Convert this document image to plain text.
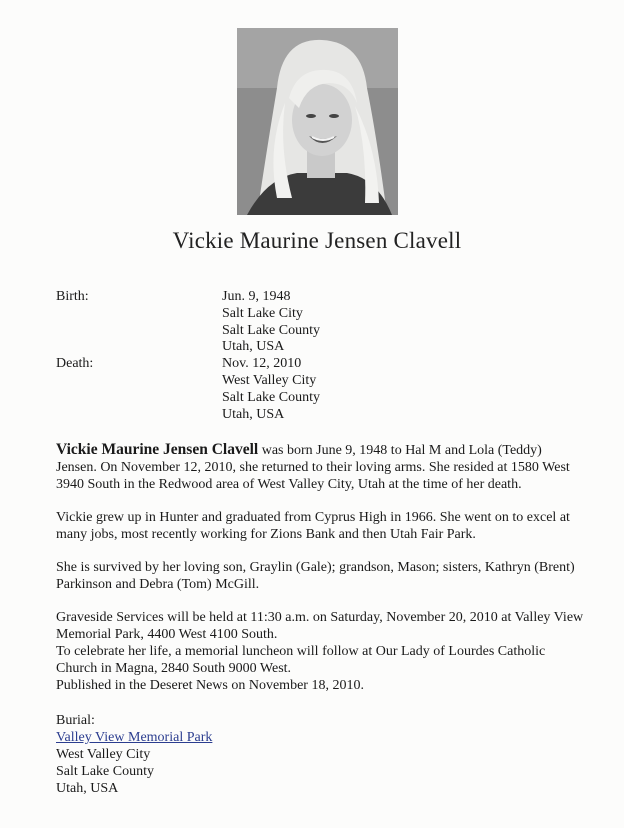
Vickie Maurine Jensen Clavell
Birth:	Jun. 9, 1948
Salt Lake City
Salt Lake County
Utah, USA
Death:	Nov. 12, 2010
West Valley City
Salt Lake County
Utah, USA

Vickie Maurine Jensen Clavell was born June 9, 1948 to Hal M and Lola (Teddy) Jensen. On November 12, 2010, she returned to their loving arms. She resided at 1580 West 3940 South in the Redwood area of West Valley City, Utah at the time of her death.

Vickie grew up in Hunter and graduated from Cyprus High in 1966. She went on to excel at many jobs, most recently working for Zions Bank and then Utah Fair Park.

She is survived by her loving son, Graylin (Gale); grandson, Mason; sisters, Kathryn (Brent) Parkinson and Debra (Tom) McGill.

Graveside Services will be held at 11:30 a.m. on Saturday, November 20, 2010 at Valley View Memorial Park, 4400 West 4100 South.
To celebrate her life, a memorial luncheon will follow at Our Lady of Lourdes Catholic Church in Magna, 2840 South 9000 West.
Published in the Deseret News on November 18, 2010.

Burial:
Valley View Memorial Park
West Valley City
Salt Lake County
Utah, USA
